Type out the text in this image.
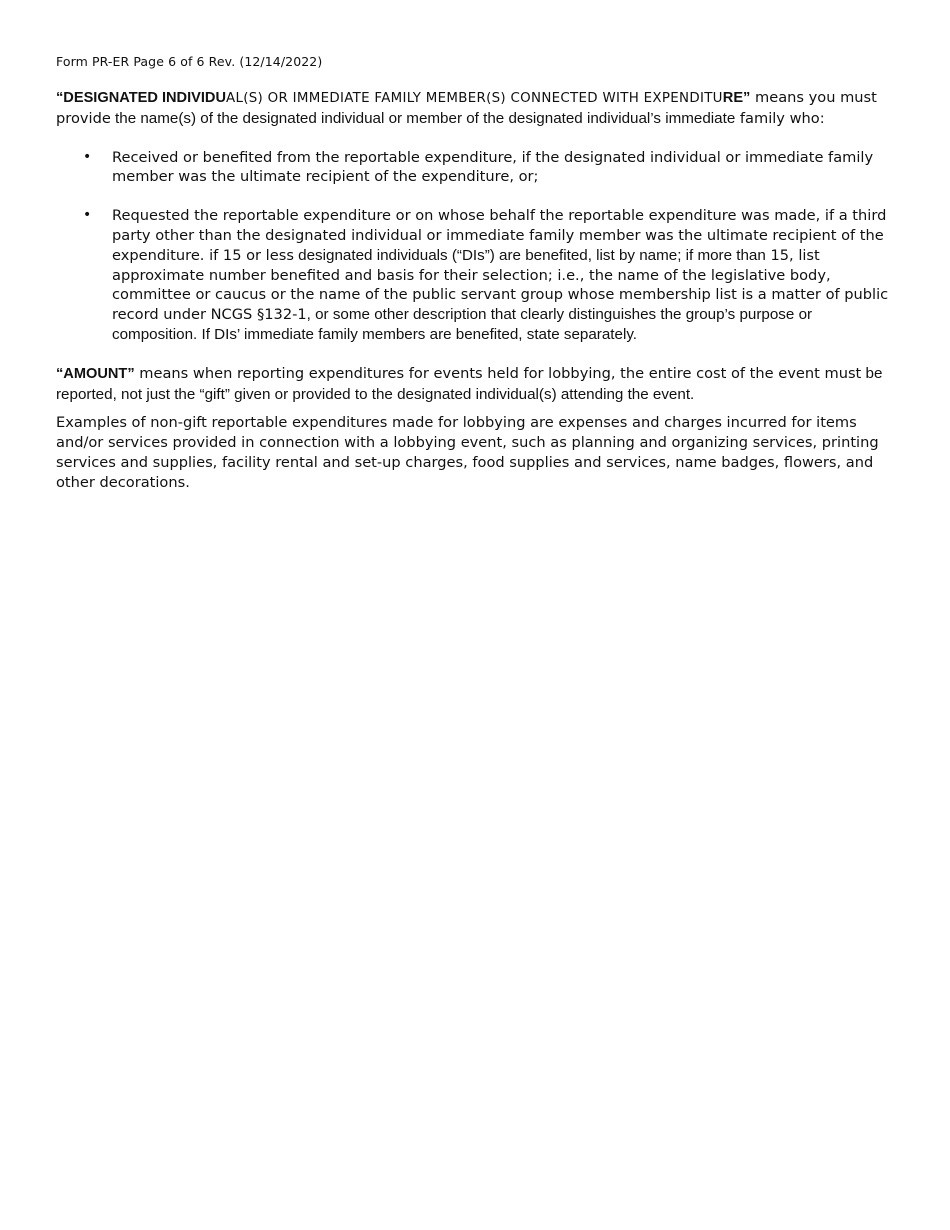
Form PR-ER Page 6 of 6 Rev. (12/14/2022)

“DESIGNATED INDIVIDUAL(S) OR IMMEDIATE FAMILY MEMBER(S) CONNECTED WITH EXPENDITURE” means you must provide the name(s) of the designated individual or member of the designated individual’s immediate family who:

• Received or benefited from the reportable expenditure, if the designated individual or immediate family member was the ultimate recipient of the expenditure, or;
• Requested the reportable expenditure or on whose behalf the reportable expenditure was made, if a third party other than the designated individual or immediate family member was the ultimate recipient of the expenditure. if 15 or less designated individuals (“DIs”) are benefited, list by name; if more than 15, list approximate number benefited and basis for their selection; i.e., the name of the legislative body, committee or caucus or the name of the public servant group whose membership list is a matter of public record under NCGS §132-1, or some other description that clearly distinguishes the group’s purpose or composition. If DIs’ immediate family members are benefited, state separately.

“AMOUNT” means when reporting expenditures for events held for lobbying, the entire cost of the event must be reported, not just the “gift” given or provided to the designated individual(s) attending the event.

Examples of non-gift reportable expenditures made for lobbying are expenses and charges incurred for items and/or services provided in connection with a lobbying event, such as planning and organizing services, printing services and supplies, facility rental and set-up charges, food supplies and services, name badges, flowers, and other decorations.
